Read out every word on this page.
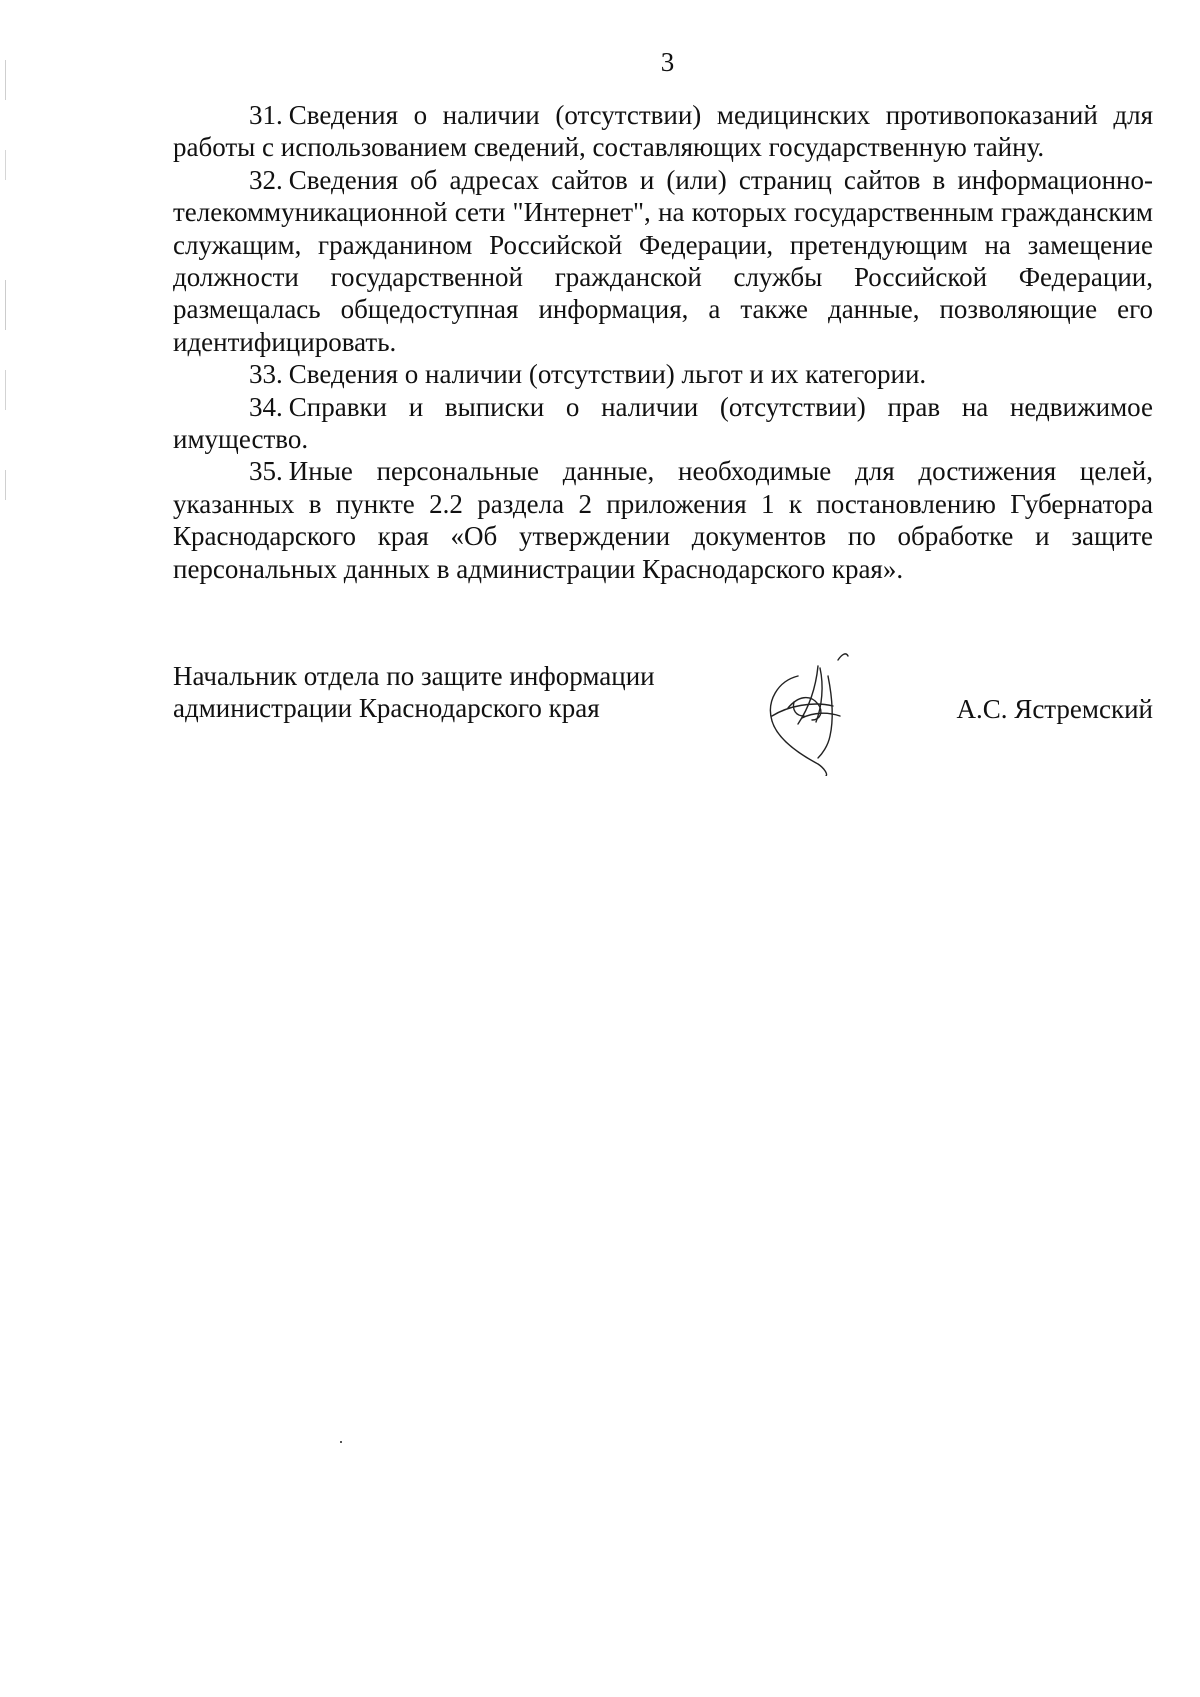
3

31. Сведения о наличии (отсутствии) медицинских противопоказаний для работы с использованием сведений, составляющих государственную тайну.

32. Сведения об адресах сайтов и (или) страниц сайтов в информационно-телекоммуникационной сети "Интернет", на которых государственным гражданским служащим, гражданином Российской Федерации, претендующим на замещение должности государственной гражданской службы Российской Федерации, размещалась общедоступная информация, а также данные, позволяющие его идентифицировать.

33. Сведения о наличии (отсутствии) льгот и их категории.

34. Справки и выписки о наличии (отсутствии) прав на недвижимое имущество.

35. Иные персональные данные, необходимые для достижения целей, указанных в пункте 2.2 раздела 2 приложения 1 к постановлению Губернатора Краснодарского края «Об утверждении документов по обработке и защите персональных данных в администрации Краснодарского края».

Начальник отдела по защите информации
администрации Краснодарского края	А.С. Ястремский
